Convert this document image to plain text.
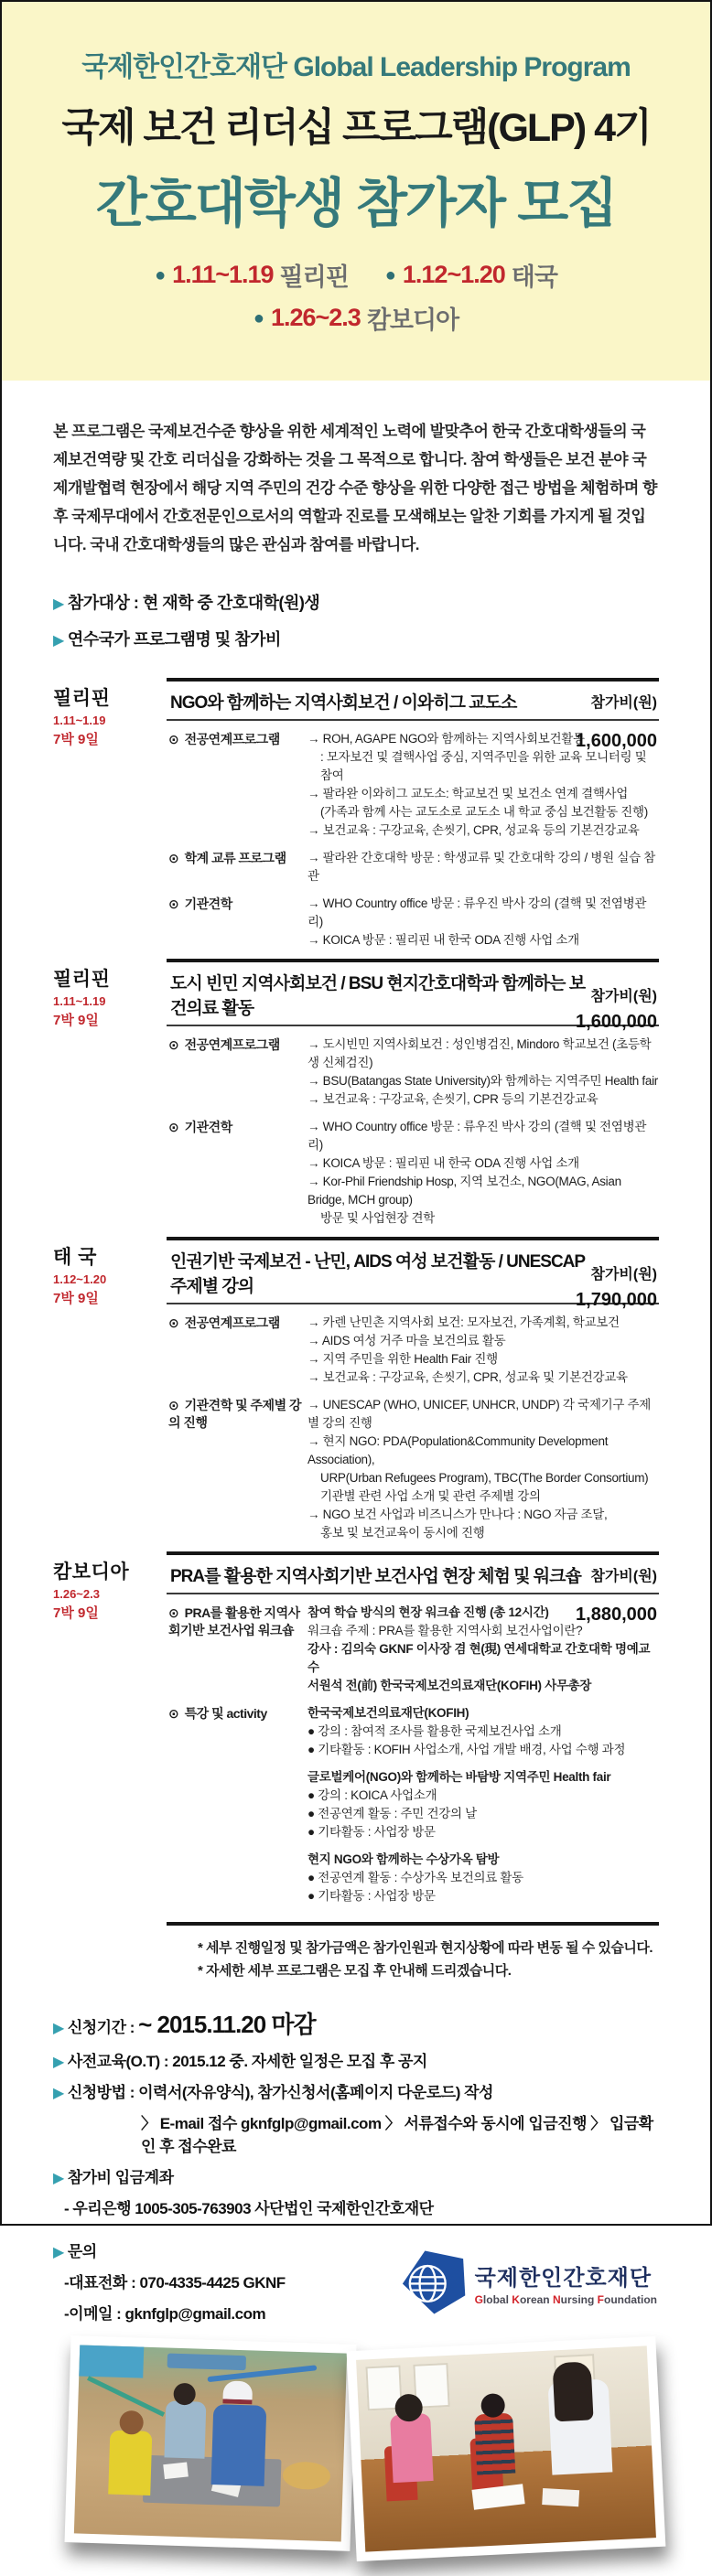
국제한인간호재단 Global Leadership Program
국제 보건 리더십 프로그램(GLP) 4기
간호대학생 참가자 모집
● 1.11~1.19 필리핀 ● 1.12~1.20 태국
● 1.26~2.3 캄보디아

본 프로그램은 국제보건수준 향상을 위한 세계적인 노력에 발맞추어 한국 간호대학생들의 국제보건역량 및 간호 리더십을 강화하는 것을 그 목적으로 합니다. 참여 학생들은 보건 분야 국제개발협력 현장에서 해당 지역 주민의 건강 수준 향상을 위한 다양한 접근 방법을 체험하며 향후 국제무대에서 간호전문인으로서의 역할과 진로를 모색해보는 알찬 기회를 가지게 될 것입니다. 국내 간호대학생들의 많은 관심과 참여를 바랍니다.

▶ 참가대상 : 현 재학 중 간호대학(원)생
▶ 연수국가 프로그램명 및 참가비
필리핀
1.11~1.19
7박 9일
NGO와 함께하는 지역사회보건 / 이와히그 교도소	참가비(원)
1,600,000
⊙ 전공연계프로그램	→ ROH, AGAPE NGO와 함께하는 지역사회보건활동
: 모자보건 및 결핵사업 중심, 지역주민을 위한 교육 모니터링 및 참여
→ 팔라완 이와히그 교도소: 학교보건 및 보건소 연계 결핵사업
(가족과 함께 사는 교도소로 교도소 내 학교 중심 보건활동 진행)
→ 보건교육 : 구강교육, 손씻기, CPR, 성교육 등의 기본건강교육
⊙ 학계 교류 프로그램	→ 팔라완 간호대학 방문 : 학생교류 및 간호대학 강의 / 병원 실습 참관
⊙ 기관견학	→ WHO Country office 방문 : 류우진 박사 강의 (결핵 및 전염병관리)
→ KOICA 방문 : 필리핀 내 한국 ODA 진행 사업 소개
필리핀
1.11~1.19
7박 9일
도시 빈민 지역사회보건 / BSU 현지간호대학과 함께하는 보건의료 활동
참가비(원)
1,600,000
⊙ 전공연계프로그램	→ 도시빈민 지역사회보건 : 성인병검진, Mindoro 학교보건 (초등학생 신체검진)
→ BSU(Batangas State University)와 함께하는 지역주민 Health fair
→ 보건교육 : 구강교육, 손씻기, CPR 등의 기본건강교육
⊙ 기관견학	→ WHO Country office 방문 : 류우진 박사 강의 (결핵 및 전염병관리)
→ KOICA 방문 : 필리핀 내 한국 ODA 진행 사업 소개
→ Kor-Phil Friendship Hosp, 지역 보건소, NGO(MAG, Asian Bridge, MCH group)
방문 및 사업현장 견학
태 국
1.12~1.20
7박 9일
인권기반 국제보건 - 난민, AIDS 여성 보건활동 / UNESCAP 주제별 강의
참가비(원)
1,790,000
⊙ 전공연계프로그램	→ 카렌 난민촌 지역사회 보건: 모자보건, 가족계획, 학교보건
→ AIDS 여성 거주 마을 보건의료 활동
→ 지역 주민을 위한 Health Fair 진행
→ 보건교육 : 구강교육, 손씻기, CPR, 성교육 및 기본건강교육
⊙ 기관견학 및 주제별 강의 진행
→ UNESCAP (WHO, UNICEF, UNHCR, UNDP) 각 국제기구 주제별 강의 진행
→ 현지 NGO: PDA(Population&Community Development Association),
URP(Urban Refugees Program), TBC(The Border Consortium)
기관별 관련 사업 소개 및 관련 주제별 강의
→ NGO 보건 사업과 비즈니스가 만나다 : NGO 자금 조달,
홍보 및 보건교육이 동시에 진행
캄보디아
1.26~2.3
7박 9일
PRA를 활용한 지역사회기반 보건사업 현장 체험 및 워크숍 참가비(원)
1,880,000
⊙ PRA를 활용한 지역사회기반 보건사업 워크숍
참여 학습 방식의 현장 워크숍 진행 (총 12시간)
워크숍 주제 : PRA를 활용한 지역사회 보건사업이란?
강사 : 김의숙 GKNF 이사장 겸 현(現) 연세대학교 간호대학 명예교수
서원석 전(前) 한국국제보건의료재단(KOFIH) 사무총장
⊙ 특강 및 activity	한국국제보건의료재단(KOFIH)
● 강의 : 참여적 조사를 활용한 국제보건사업 소개
● 기타활동 : KOFIH 사업소개, 사업 개발 배경, 사업 수행 과정
글로벌케어(NGO)와 함께하는 바탐방 지역주민 Health fair
● 강의 : KOICA 사업소개
● 전공연계 활동 : 주민 건강의 날
● 기타활동 : 사업장 방문
현지 NGO와 함께하는 수상가옥 탐방
● 전공연계 활동 : 수상가옥 보건의료 활동
● 기타활동 : 사업장 방문
* 세부 진행일정 및 참가금액은 참가인원과 현지상황에 따라 변동 될 수 있습니다.
* 자세한 세부 프로그램은 모집 후 안내해 드리겠습니다.
▶ 신청기간 : ~ 2015.11.20 마감
▶ 사전교육(O.T) : 2015.12 중. 자세한 일정은 모집 후 공지
▶ 신청방법 : 이력서(자유양식), 참가신청서(홈페이지 다운로드) 작성
〉 E-mail 접수 gknfglp@gmail.com 〉 서류접수와 동시에 입금진행 〉 입금확인 후 접수완료
▶ 참가비 입금계좌
- 우리은행 1005-305-763903 사단법인 국제한인간호재단
▶ 문의
-대표전화 : 070-4335-4425 GKNF
-이메일 : gknfglp@gmail.com
국제한인간호재단
Global Korean Nursing Foundation
